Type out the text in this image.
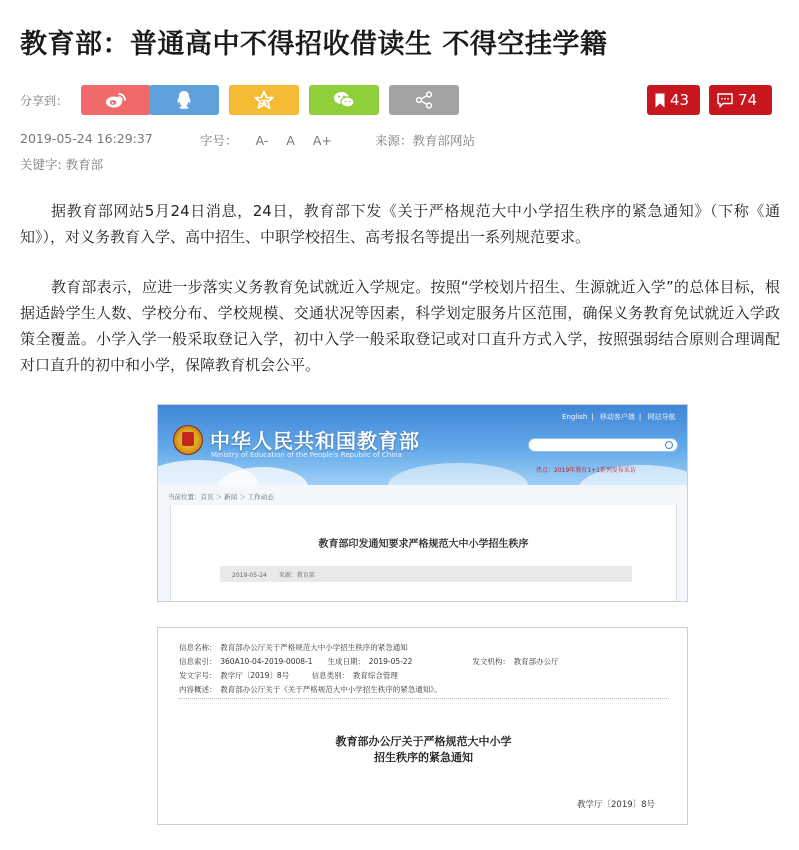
教育部：普通高中不得招收借读生 不得空挂学籍
分享到：	43	74
2019-05-24 16:29:37	字号： A- A A+	来源：教育部网站
关键字: 教育部

据教育部网站5月24日消息，24日，教育部下发《关于严格规范大中小学招生秩序的紧急通知》（下称《通知》），对义务教育入学、高中招生、中职学校招生、高考报名等提出一系列规范要求。

教育部表示，应进一步落实义务教育免试就近入学规定。按照“学校划片招生、生源就近入学”的总体目标，根据适龄学生人数、学校分布、学校规模、交通状况等因素，科学划定服务片区范围，确保义务教育免试就近入学政策全覆盖。小学入学一般采取登记入学，初中入学一般采取登记或对口直升方式入学，按照强弱结合原则合理调配对口直升的初中和小学，保障教育机会公平。

中华人民共和国教育部
Ministry of Education of the People's Republic of China
English | 移动客户端 | 网站导航
热点：2019年教育1+1系列发布采访
当前位置：首页 ＞ 新闻 ＞ 工作动态
教育部印发通知要求严格规范大中小学招生秩序
2019-05-24　　来源：教育部
信息名称：　教育部办公厅关于严格规范大中小学招生秩序的紧急通知
信息索引：　360A10-04-2019-0008-1　　生成日期：　2019-05-22　　　　　　　　发文机构：　教育部办公厅
发文字号：　教学厅〔2019〕8号　　　信息类别：　教育综合管理
内容概述：　教育部办公厅关于《关于严格规范大中小学招生秩序的紧急通知》。
教育部办公厅关于严格规范大中小学
招生秩序的紧急通知
教学厅〔2019〕8号
